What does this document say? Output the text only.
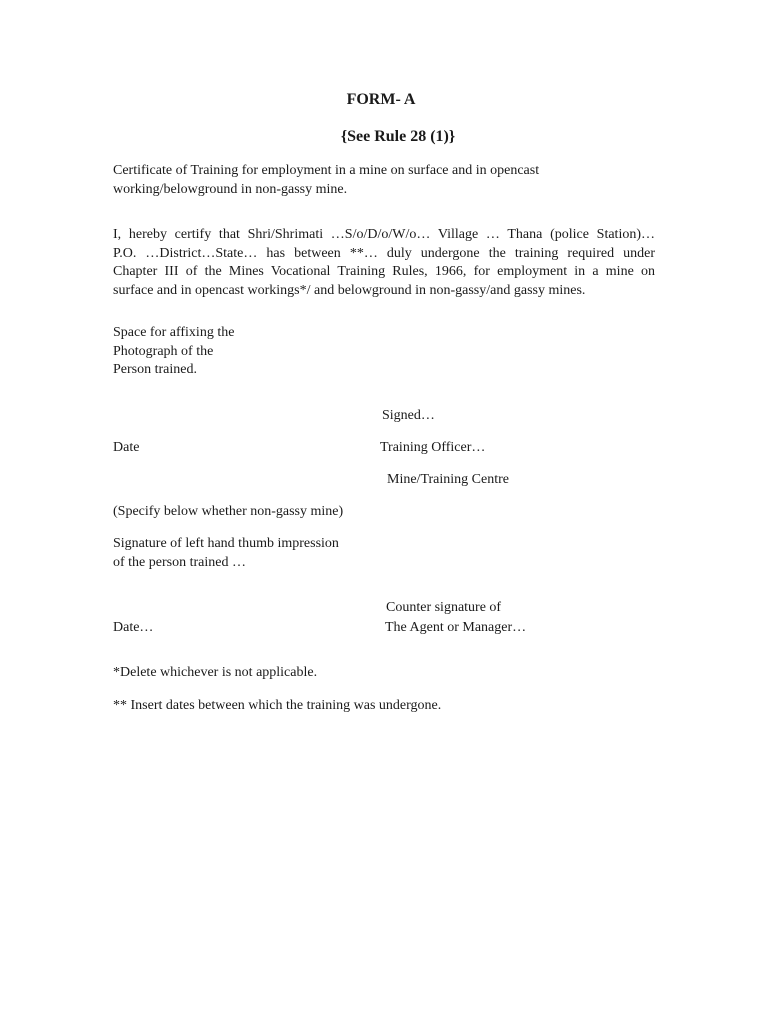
FORM- A
{See Rule 28 (1)}
Certificate of Training for employment in a mine on surface and in opencast
working/belowground in non-gassy mine.
I, hereby certify that Shri/Shrimati …S/o/D/o/W/o… Village … Thana (police Station)…
P.O. …District…State… has between **… duly undergone the training required under
Chapter III of the Mines Vocational Training Rules, 1966, for employment in a mine on
surface and in opencast workings*/ and belowground in non-gassy/and gassy mines.
Space for affixing the
Photograph of the
Person trained.
Signed…
Date	Training Officer…
Mine/Training Centre
(Specify below whether non-gassy mine)
Signature of left hand thumb impression
of the person trained …
Counter signature of
Date…	The Agent or Manager…
*Delete whichever is not applicable.
** Insert dates between which the training was undergone.
